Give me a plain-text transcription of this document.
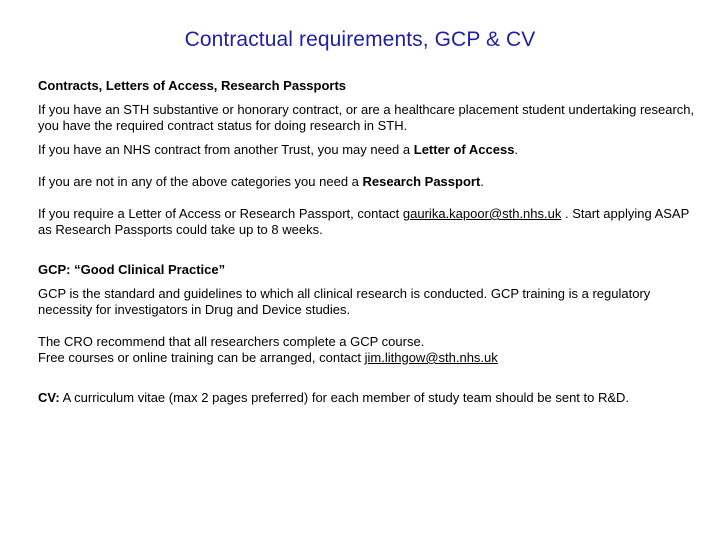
Contractual requirements, GCP & CV

Contracts, Letters of Access, Research Passports

If you have an STH substantive or honorary contract, or are a healthcare placement student undertaking research, you have the required contract status for doing research in STH.

If you have an NHS contract from another Trust, you may need a Letter of Access.

If you are not in any of the above categories you need a Research Passport.

If you require a Letter of Access or Research Passport, contact gaurika.kapoor@sth.nhs.uk . Start applying ASAP as Research Passports could take up to 8 weeks.

GCP: “Good Clinical Practice”

GCP is the standard and guidelines to which all clinical research is conducted. GCP training is a regulatory necessity for investigators in Drug and Device studies.

The CRO recommend that all researchers complete a GCP course.

Free courses or online training can be arranged, contact jim.lithgow@sth.nhs.uk

CV: A curriculum vitae (max 2 pages preferred) for each member of study team should be sent to R&D.
